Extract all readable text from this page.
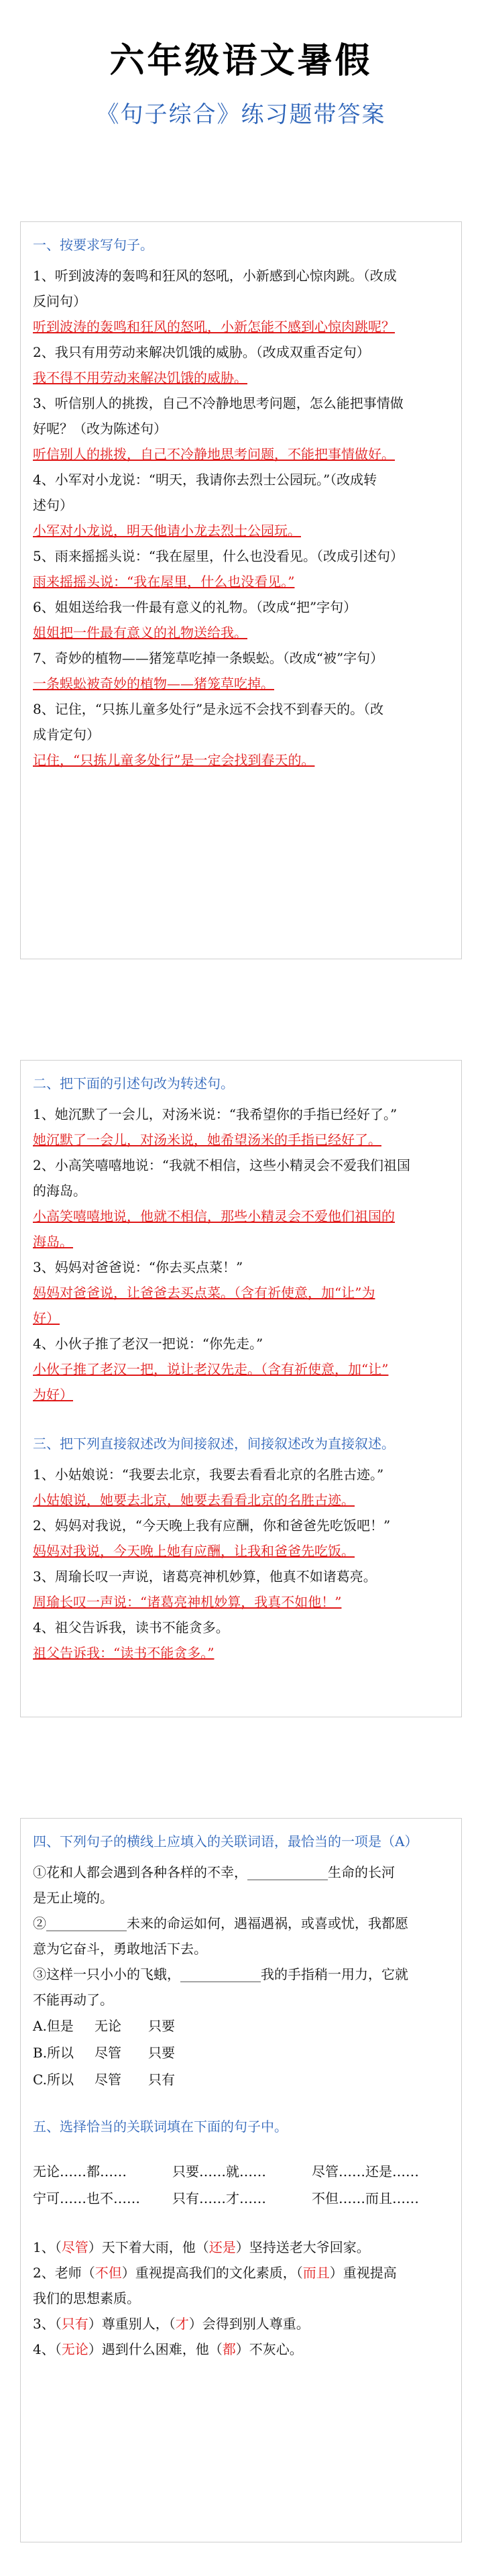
六年级语文暑假
《句子综合》练习题带答案
一、按要求写句子。
1、听到波涛的轰鸣和狂风的怒吼，小新感到心惊肉跳。（改成
反问句）
听到波涛的轰鸣和狂风的怒吼，小新怎能不感到心惊肉跳呢？
2、我只有用劳动来解决饥饿的威胁。（改成双重否定句）
我不得不用劳动来解决饥饿的威胁。
3、听信别人的挑拨，自己不冷静地思考问题，怎么能把事情做
好呢？（改为陈述句）
听信别人的挑拨，自己不冷静地思考问题，不能把事情做好。
4、小军对小龙说：“明天，我请你去烈士公园玩。”（改成转
述句）
小军对小龙说，明天他请小龙去烈士公园玩。
5、雨来摇摇头说：“我在屋里，什么也没看见。（改成引述句）
雨来摇摇头说：“我在屋里，什么也没看见。”
6、姐姐送给我一件最有意义的礼物。（改成“把”字句）
姐姐把一件最有意义的礼物送给我。
7、奇妙的植物——猪笼草吃掉一条蜈蚣。（改成“被”字句）
一条蜈蚣被奇妙的植物——猪笼草吃掉。
8、记住，“只拣儿童多处行”是永远不会找不到春天的。（改
成肯定句）
记住，“只拣儿童多处行”是一定会找到春天的。
二、把下面的引述句改为转述句。
1、她沉默了一会儿，对汤米说：“我希望你的手指已经好了。”
她沉默了一会儿，对汤米说，她希望汤米的手指已经好了。
2、小高笑嘻嘻地说：“我就不相信，这些小精灵会不爱我们祖国
的海岛。
小高笑嘻嘻地说，他就不相信，那些小精灵会不爱他们祖国的
海岛。
3、妈妈对爸爸说：“你去买点菜！”
妈妈对爸爸说，让爸爸去买点菜。（含有祈使意，加“让”为
好）
4、小伙子推了老汉一把说：“你先走。”
小伙子推了老汉一把，说让老汉先走。（含有祈使意，加“让”
为好）
三、把下列直接叙述改为间接叙述，间接叙述改为直接叙述。
1、小姑娘说：“我要去北京，我要去看看北京的名胜古迹。”
小姑娘说，她要去北京，她要去看看北京的名胜古迹。
2、妈妈对我说，“今天晚上我有应酬，你和爸爸先吃饭吧！”
妈妈对我说，今天晚上她有应酬，让我和爸爸先吃饭。
3、周瑜长叹一声说，诸葛亮神机妙算，他真不如诸葛亮。
周瑜长叹一声说：“诸葛亮神机妙算，我真不如他！”
4、祖父告诉我，读书不能贪多。
祖父告诉我：“读书不能贪多。”
四、下列句子的横线上应填入的关联词语，最恰当的一项是（A）
①花和人都会遇到各种各样的不幸，____________生命的长河
是无止境的。
②____________未来的命运如何，遇福遇祸，或喜或忧，我都愿
意为它奋斗，勇敢地活下去。
③这样一只小小的飞蛾，____________我的手指稍一用力，它就
不能再动了。
A.但是 无论 只要
B.所以 尽管 只要
C.所以 尽管 只有
五、选择恰当的关联词填在下面的句子中。
无论……都……	只要……就……	尽管……还是……
宁可……也不…… 只有……才……	不但……而且……
1、（尽管）天下着大雨，他（还是）坚持送老大爷回家。
2、老师（不但）重视提高我们的文化素质，（而且）重视提高
我们的思想素质。
3、（只有）尊重别人，（才）会得到别人尊重。
4、（无论）遇到什么困难，他（都）不灰心。
